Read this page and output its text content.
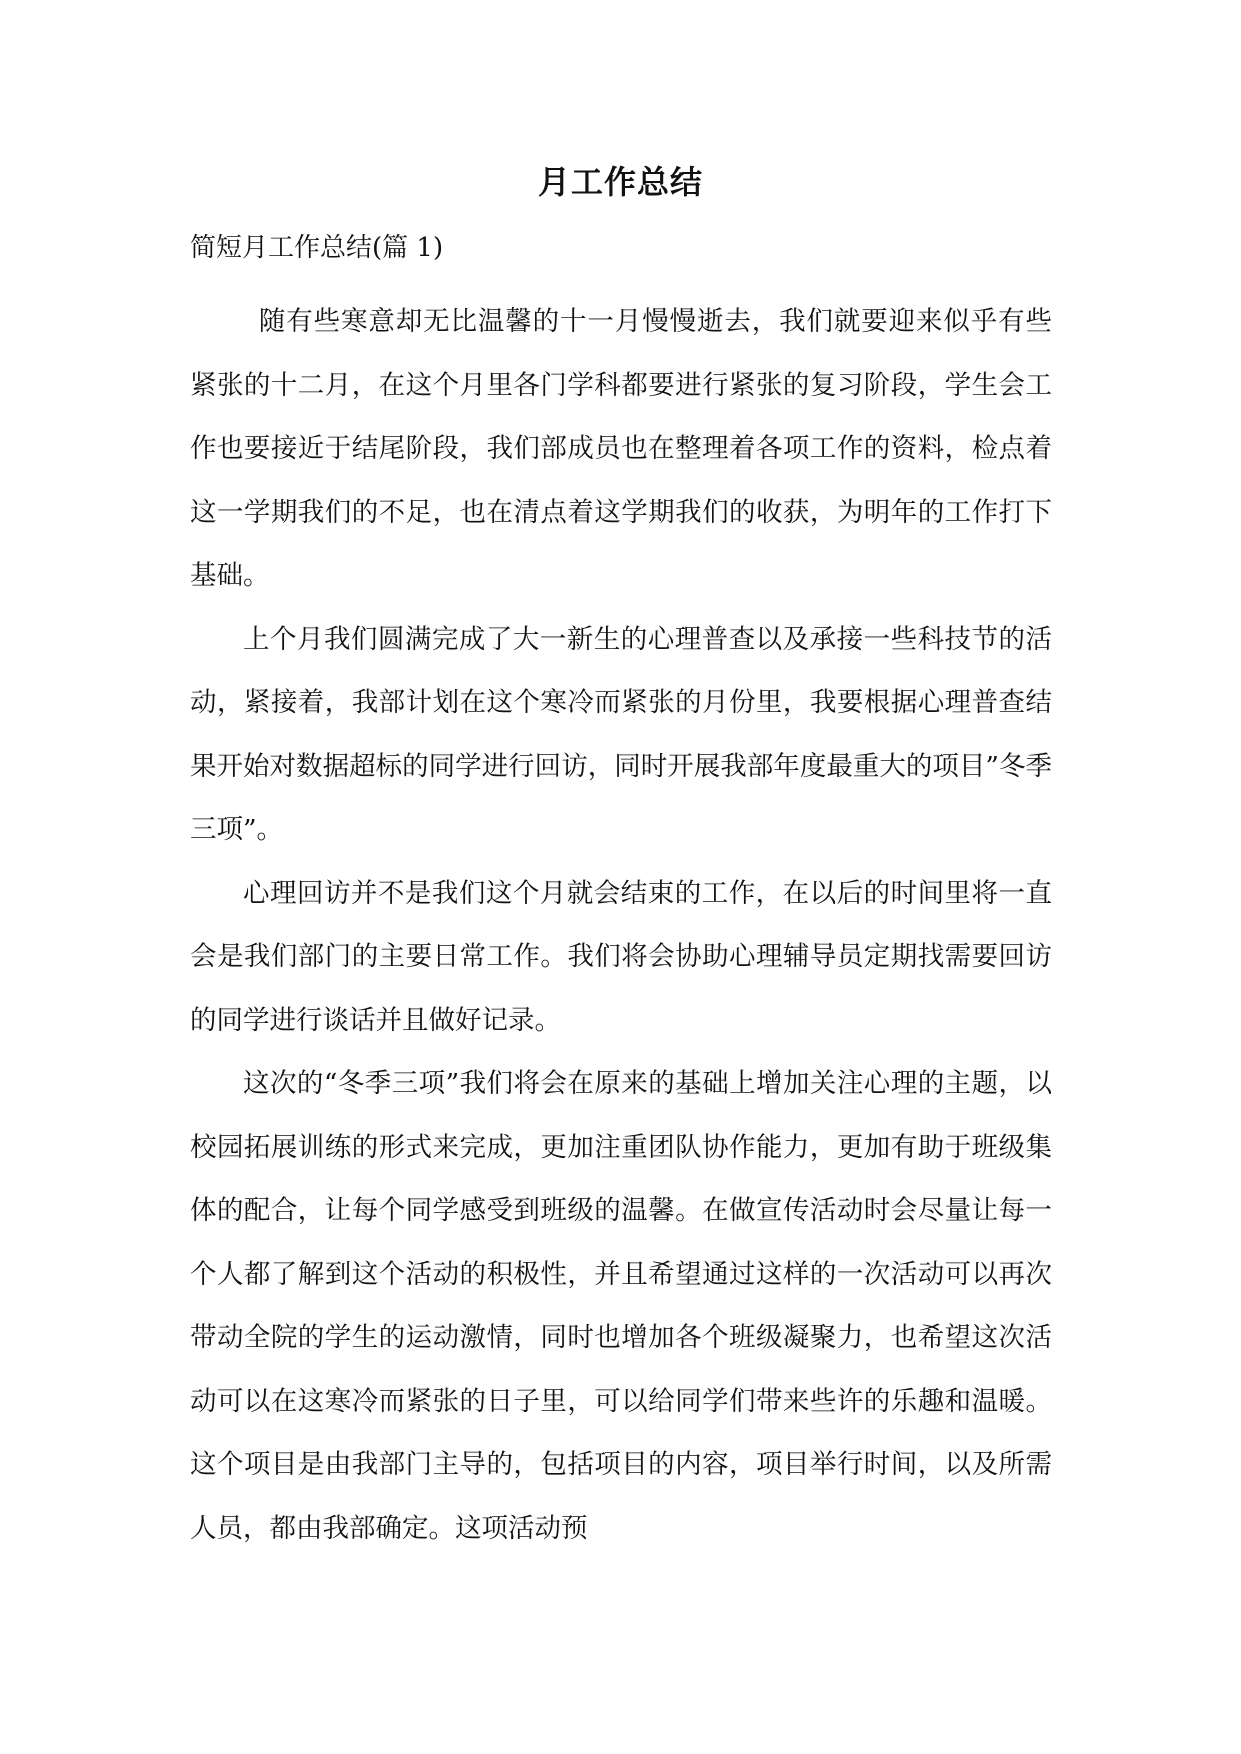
月工作总结
简短月工作总结(篇 1)

随有些寒意却无比温馨的十一月慢慢逝去，我们就要迎来似乎有些紧张的十二月，在这个月里各门学科都要进行紧张的复习阶段，学生会工作也要接近于结尾阶段，我们部成员也在整理着各项工作的资料，检点着这一学期我们的不足，也在清点着这学期我们的收获，为明年的工作打下基础。

上个月我们圆满完成了大一新生的心理普查以及承接一些科技节的活动，紧接着，我部计划在这个寒冷而紧张的月份里，我要根据心理普查结果开始对数据超标的同学进行回访，同时开展我部年度最重大的项目”冬季三项”。

心理回访并不是我们这个月就会结束的工作，在以后的时间里将一直会是我们部门的主要日常工作。我们将会协助心理辅导员定期找需要回访的同学进行谈话并且做好记录。

这次的“冬季三项”我们将会在原来的基础上增加关注心理的主题，以校园拓展训练的形式来完成，更加注重团队协作能力，更加有助于班级集体的配合，让每个同学感受到班级的温馨。在做宣传活动时会尽量让每一个人都了解到这个活动的积极性，并且希望通过这样的一次活动可以再次带动全院的学生的运动激情，同时也增加各个班级凝聚力，也希望这次活动可以在这寒冷而紧张的日子里，可以给同学们带来些许的乐趣和温暖。这个项目是由我部门主导的，包括项目的内容，项目举行时间，以及所需人员，都由我部确定。这项活动预
